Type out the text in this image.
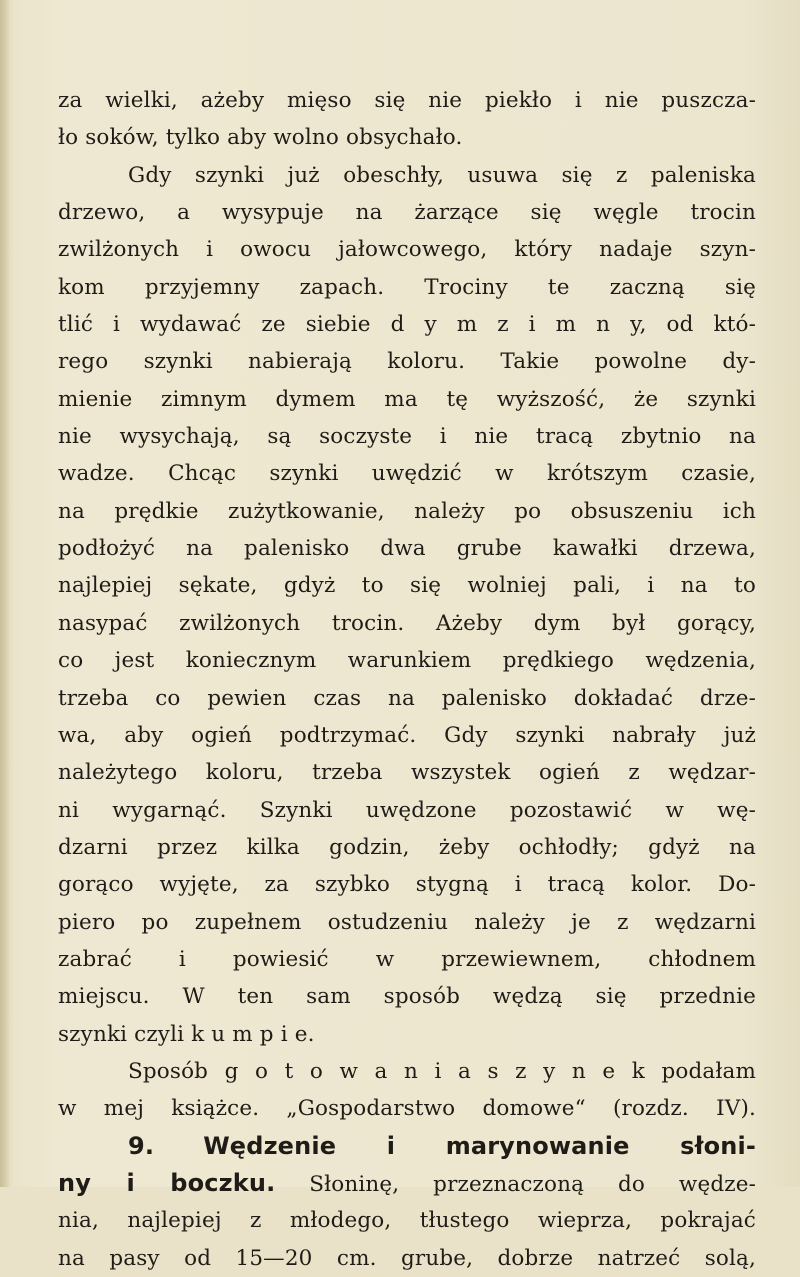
za wielki, ażeby mięso się nie piekło i nie puszcza-
ło soków, tylko aby wolno obsychało.
Gdy szynki już obeschły, usuwa się z paleniska
drzewo, a wysypuje na żarzące się węgle trocin
zwilżonych i owocu jałowcowego, który nadaje szyn-
kom przyjemny zapach. Trociny te zaczną się
tlić i wydawać ze siebie d y m z i m n y, od któ-
rego szynki nabierają koloru. Takie powolne dy-
mienie zimnym dymem ma tę wyższość, że szynki
nie wysychają, są soczyste i nie tracą zbytnio na
wadze. Chcąc szynki uwędzić w krótszym czasie,
na prędkie zużytkowanie, należy po obsuszeniu ich
podłożyć na palenisko dwa grube kawałki drzewa,
najlepiej sękate, gdyż to się wolniej pali, i na to
nasypać zwilżonych trocin. Ażeby dym był gorący,
co jest koniecznym warunkiem prędkiego wędzenia,
trzeba co pewien czas na palenisko dokładać drze-
wa, aby ogień podtrzymać. Gdy szynki nabrały już
należytego koloru, trzeba wszystek ogień z wędzar-
ni wygarnąć. Szynki uwędzone pozostawić w wę-
dzarni przez kilka godzin, żeby ochłodły; gdyż na
gorąco wyjęte, za szybko stygną i tracą kolor. Do-
piero po zupełnem ostudzeniu należy je z wędzarni
zabrać i powiesić w przewiewnem, chłodnem
miejscu. W ten sam sposób wędzą się przednie
szynki czyli k u m p i e.
Sposób g o t o w a n i a s z y n e k podałam
w mej książce. „Gospodarstwo domowe“ (rozdz. IV).
9. Wędzenie i marynowanie słoni-
ny i boczku. Słoninę, przeznaczoną do wędze-
nia, najlepiej z młodego, tłustego wieprza, pokrajać
na pasy od 15—20 cm. grube, dobrze natrzeć solą,
